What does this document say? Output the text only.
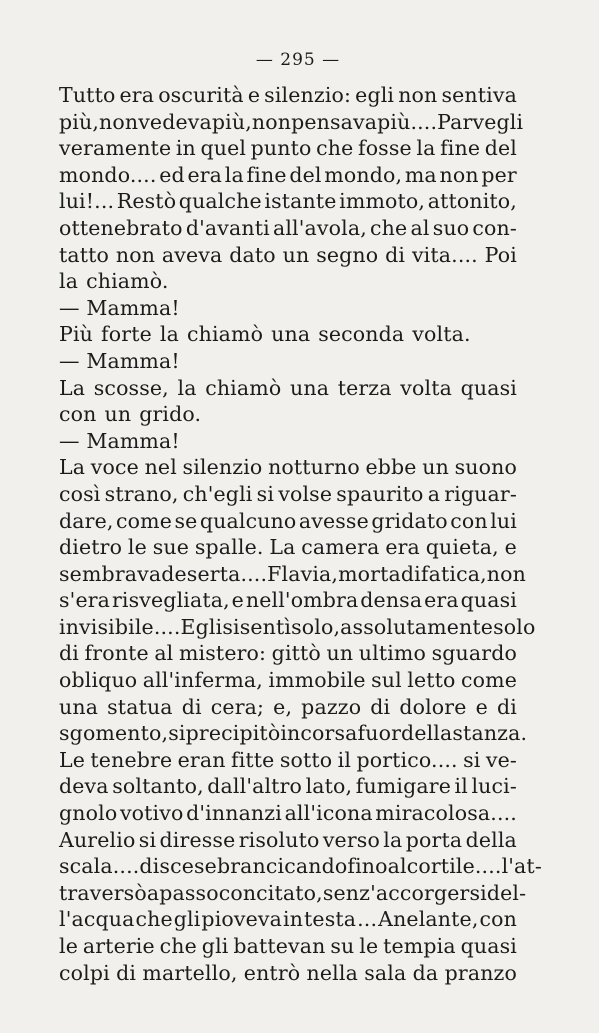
— 295 —
Tutto era oscurità e silenzio: egli non sentiva
più, non vedeva più, non pensava più.... Parvegli
veramente in quel punto che fosse la fine del
mondo.... ed era la fine del mondo, ma non per
lui!... Restò qualche istante immoto, attonito,
ottenebrato d'avanti all'avola, che al suo con-
tatto non aveva dato un segno di vita.... Poi
la chiamò.
— Mamma!
Più forte la chiamò una seconda volta.
— Mamma!
La scosse, la chiamò una terza volta quasi
con un grido.
— Mamma!
La voce nel silenzio notturno ebbe un suono
così strano, ch'egli si volse spaurito a riguar-
dare, come se qualcuno avesse gridato con lui
dietro le sue spalle. La camera era quieta, e
sembrava deserta.... Flavia, morta di fatica, non
s'era risvegliata, e nell'ombra densa era quasi
invisibile.... Egli si sentì solo, assolutamente solo
di fronte al mistero: gittò un ultimo sguardo
obliquo all'inferma, immobile sul letto come
una statua di cera; e, pazzo di dolore e di
sgomento, si precipitò in corsa fuor della stanza.
Le tenebre eran fitte sotto il portico.... si ve-
deva soltanto, dall'altro lato, fumigare il luci-
gnolo votivo d'innanzi all'icona miracolosa....
Aurelio si diresse risoluto verso la porta della
scala.... discese brancicando fino al cortile.... l'at-
traversò a passo concitato, senz'accorgersi del-
l'acqua che gli pioveva in testa ... Anelante, con
le arterie che gli battevan su le tempia quasi
colpi di martello, entrò nella sala da pranzo
